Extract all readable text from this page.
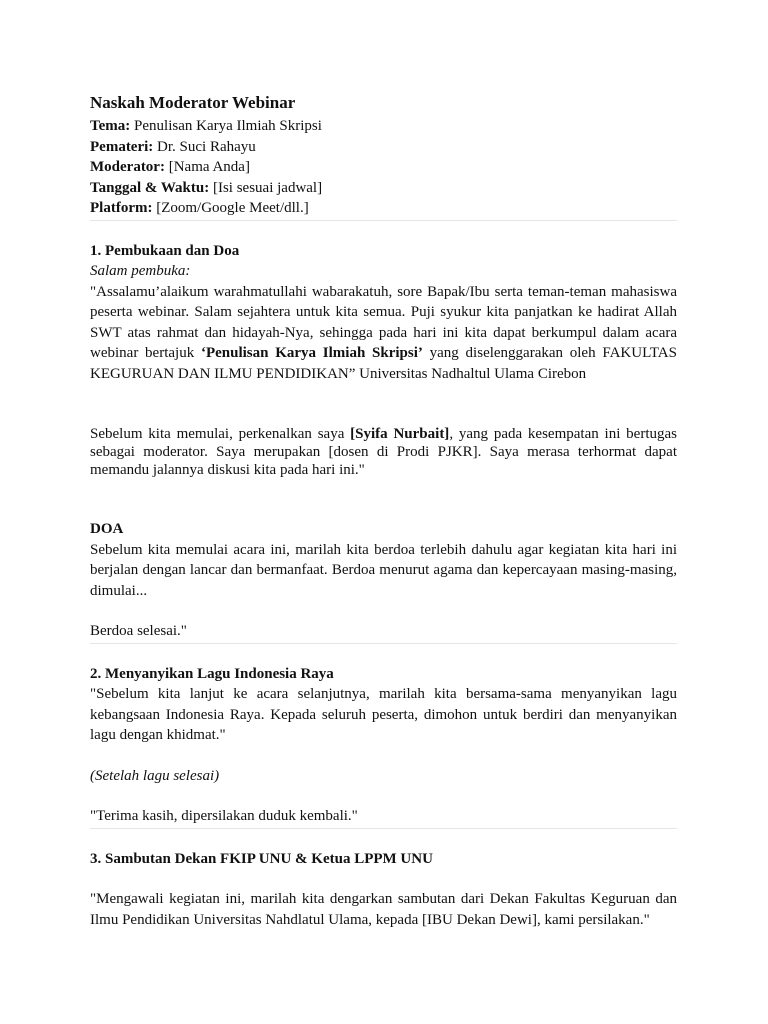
Naskah Moderator Webinar
Tema: Penulisan Karya Ilmiah Skripsi
Pemateri: Dr. Suci Rahayu
Moderator: [Nama Anda]
Tanggal & Waktu: [Isi sesuai jadwal]
Platform: [Zoom/Google Meet/dll.]
1. Pembukaan dan Doa
Salam pembuka:

"Assalamu’alaikum warahmatullahi wabarakatuh, sore Bapak/Ibu serta teman-teman mahasiswa peserta webinar. Salam sejahtera untuk kita semua. Puji syukur kita panjatkan ke hadirat Allah SWT atas rahmat dan hidayah-Nya, sehingga pada hari ini kita dapat berkumpul dalam acara webinar bertajuk ‘Penulisan Karya Ilmiah Skripsi’ yang diselenggarakan oleh FAKULTAS KEGURUAN DAN ILMU PENDIDIKAN” Universitas Nadhaltul Ulama Cirebon

Sebelum kita memulai, perkenalkan saya [Syifa Nurbait], yang pada kesempatan ini bertugas sebagai moderator. Saya merupakan [dosen di Prodi PJKR]. Saya merasa terhormat dapat memandu jalannya diskusi kita pada hari ini."

DOA

Sebelum kita memulai acara ini, marilah kita berdoa terlebih dahulu agar kegiatan kita hari ini berjalan dengan lancar dan bermanfaat. Berdoa menurut agama dan kepercayaan masing-masing, dimulai...

Berdoa selesai."

2. Menyanyikan Lagu Indonesia Raya

"Sebelum kita lanjut ke acara selanjutnya, marilah kita bersama-sama menyanyikan lagu kebangsaan Indonesia Raya. Kepada seluruh peserta, dimohon untuk berdiri dan menyanyikan lagu dengan khidmat."

(Setelah lagu selesai)

"Terima kasih, dipersilakan duduk kembali."

3. Sambutan Dekan FKIP UNU & Ketua LPPM UNU

"Mengawali kegiatan ini, marilah kita dengarkan sambutan dari Dekan Fakultas Keguruan dan Ilmu Pendidikan Universitas Nahdlatul Ulama, kepada [IBU Dekan Dewi], kami persilakan."
